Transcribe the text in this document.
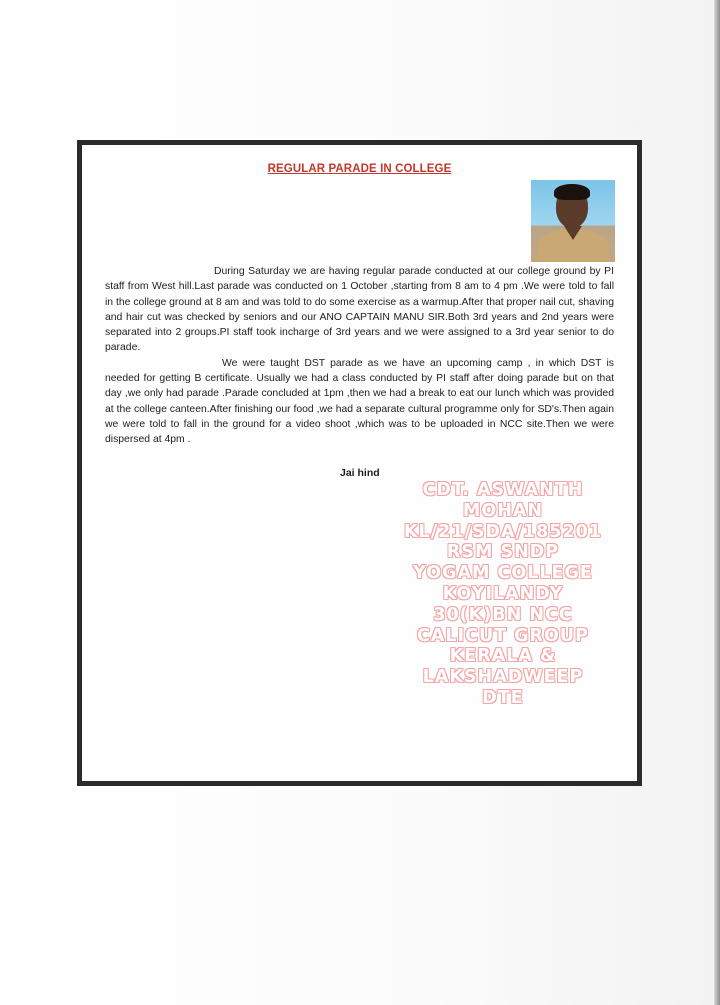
REGULAR PARADE IN COLLEGE

During Saturday we are having regular parade conducted at our college ground by PI staff from West hill.Last parade was conducted on 1 October ,starting from 8 am to 4 pm .We were told to fall in the college ground at 8 am and was told to do some exercise as a warmup.After that proper nail cut, shaving and hair cut was checked by seniors and our ANO CAPTAIN MANU SIR.Both 3rd years and 2nd years were separated into 2 groups.PI staff took incharge of 3rd years and we were assigned to a 3rd year senior to do parade.

We were taught DST parade as we have an upcoming camp , in which DST is needed for getting B certificate. Usually we had a class conducted by PI staff after doing parade but on that day ,we only had parade .Parade concluded at 1pm ,then we had a break to eat our lunch which was provided at the college canteen.After finishing our food ,we had a separate cultural programme only for SD's.Then again we were told to fall in the ground for a video shoot ,which was to be uploaded in NCC site.Then we were dispersed at 4pm .

Jai hind
CDT. ASWANTH
MOHAN
KL/21/SDA/185201
RSM SNDP
YOGAM COLLEGE
KOYILANDY
30(K)BN NCC
CALICUT GROUP
KERALA &
LAKSHADWEEP
DTE
